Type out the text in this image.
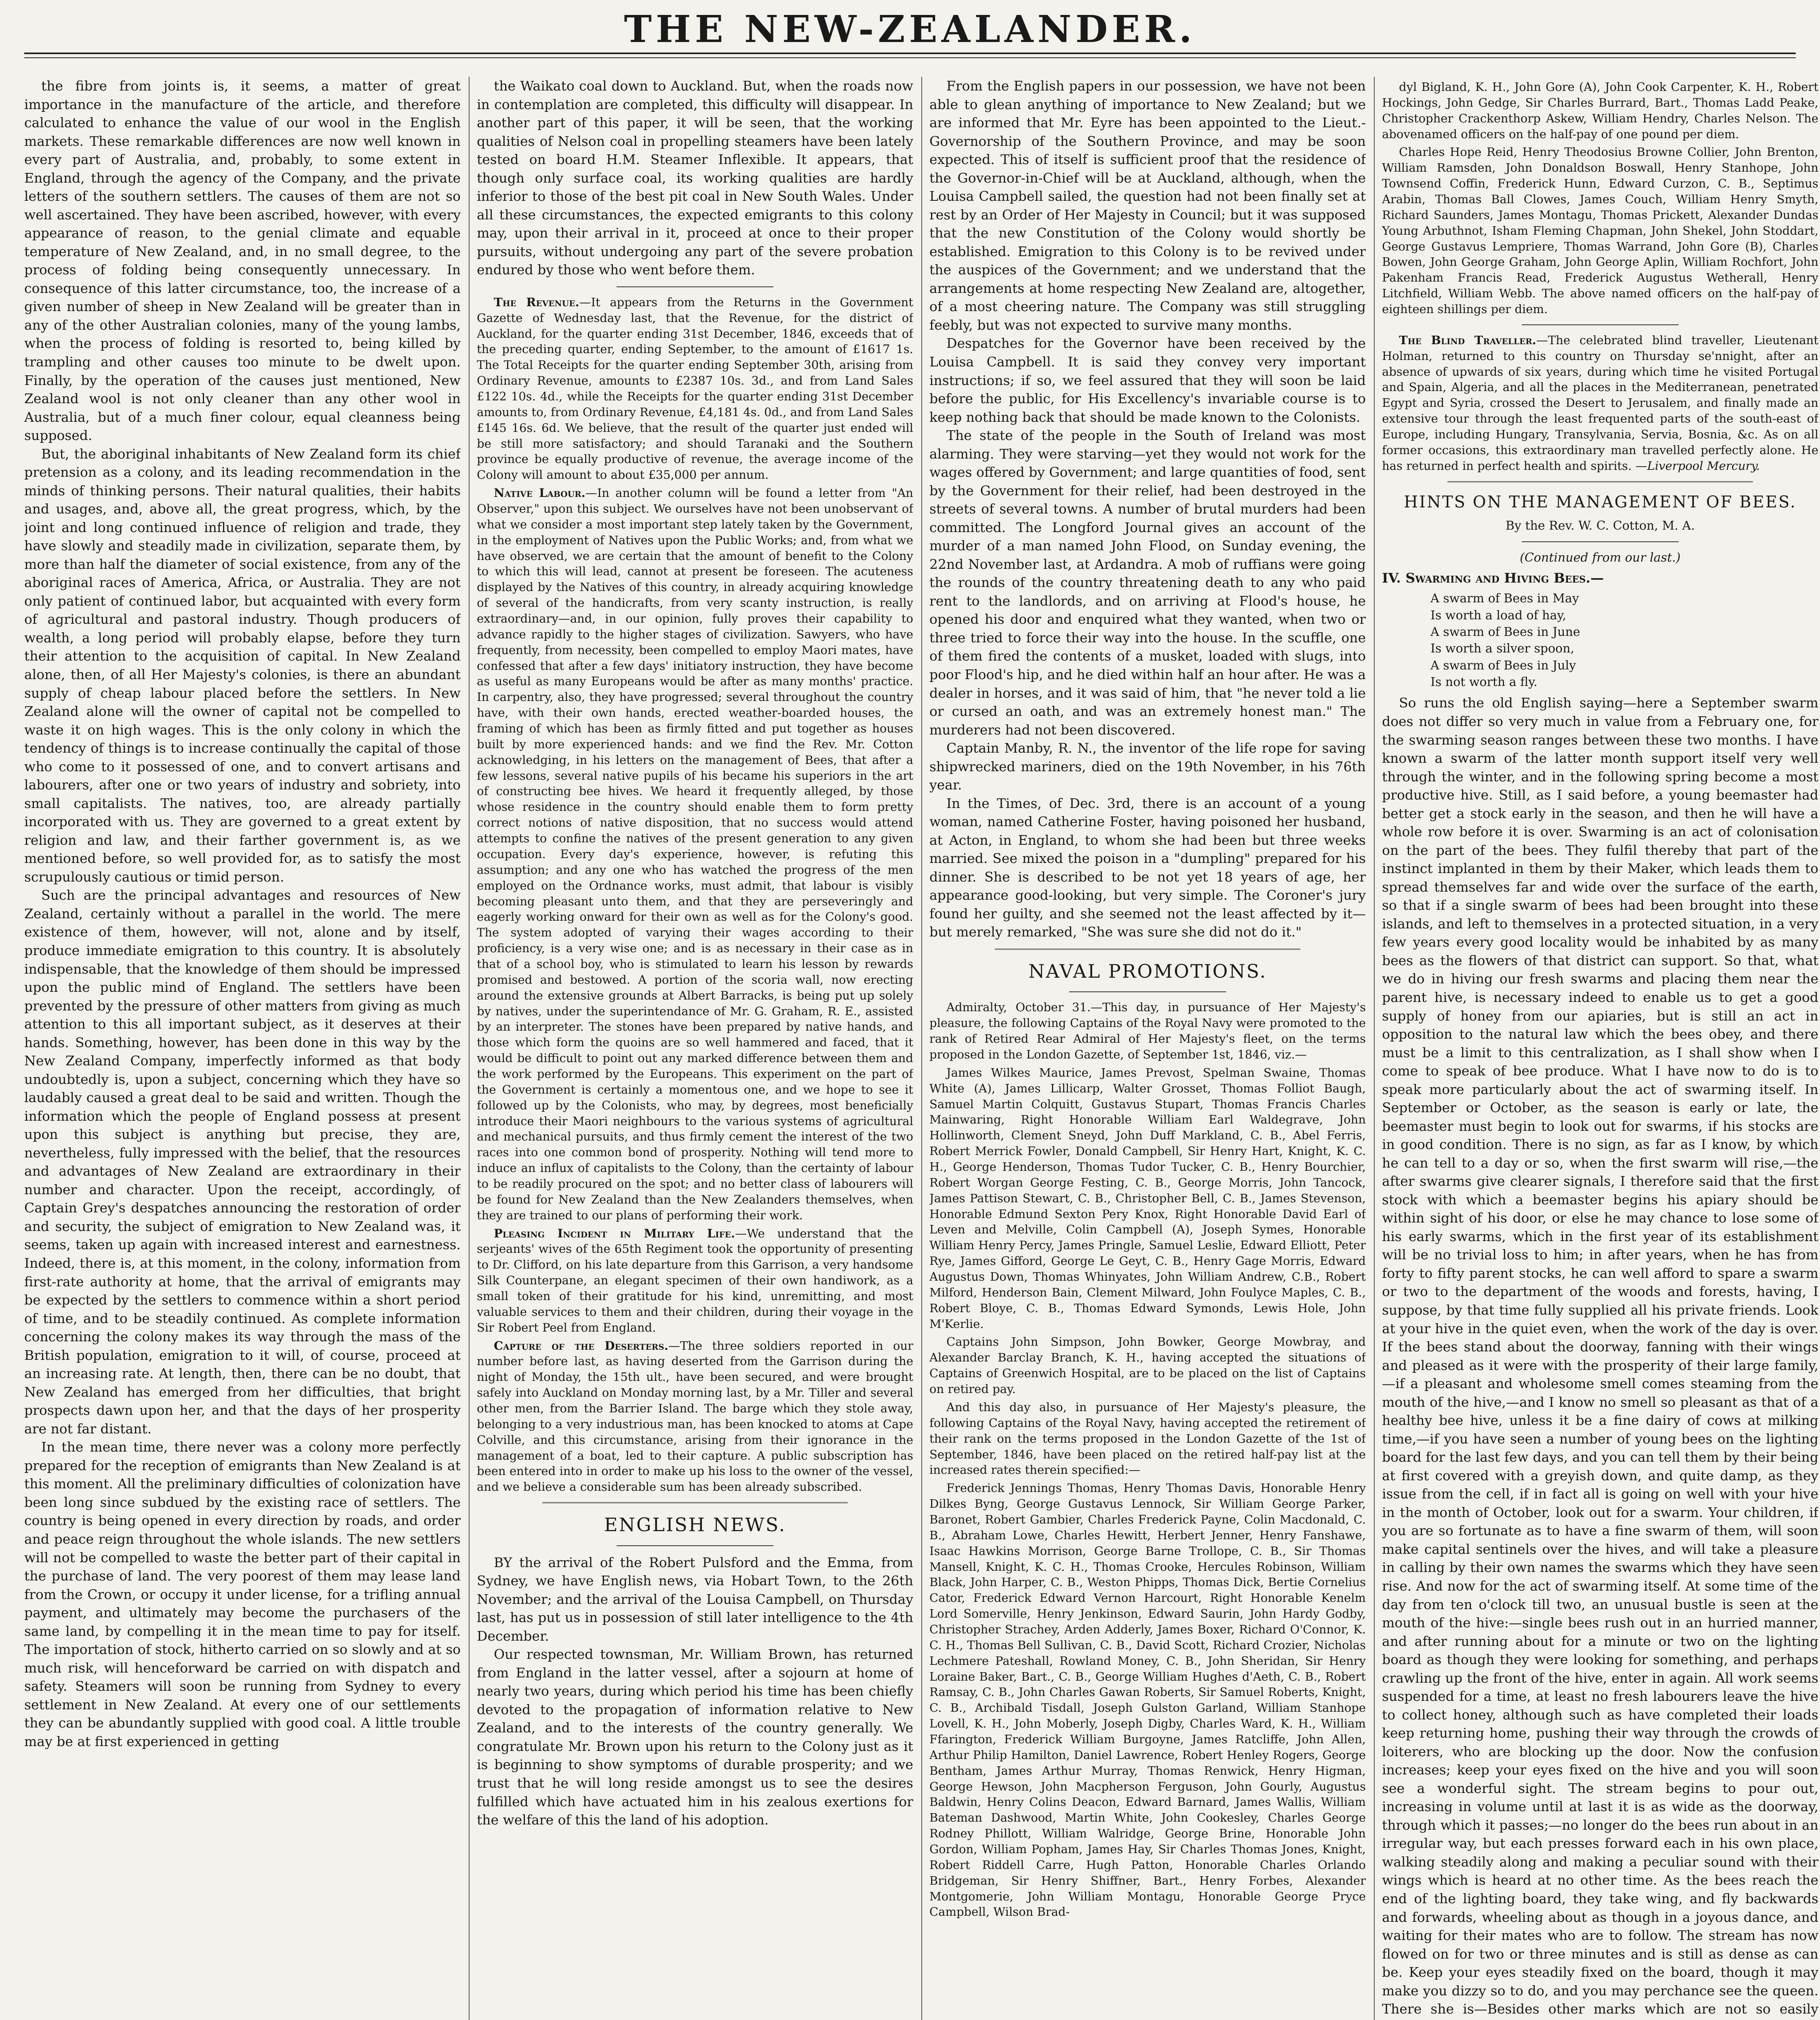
THE NEW-ZEALANDER.

the fibre from joints is, it seems, a matter of great importance in the manufacture of the article, and therefore calculated to enhance the value of our wool in the English markets. These remarkable differences are now well known in every part of Australia, and, probably, to some extent in England, through the agency of the Company, and the private letters of the southern settlers. The causes of them are not so well ascertained. They have been ascribed, however, with every appearance of reason, to the genial climate and equable temperature of New Zealand, and, in no small degree, to the process of folding being consequently unnecessary. In consequence of this latter circumstance, too, the increase of a given number of sheep in New Zealand will be greater than in any of the other Australian colonies, many of the young lambs, when the process of folding is resorted to, being killed by trampling and other causes too minute to be dwelt upon. Finally, by the operation of the causes just mentioned, New Zealand wool is not only cleaner than any other wool in Australia, but of a much finer colour, equal cleanness being supposed.

But, the aboriginal inhabitants of New Zealand form its chief pretension as a colony, and its leading recommendation in the minds of thinking persons. Their natural qualities, their habits and usages, and, above all, the great progress, which, by the joint and long continued influence of religion and trade, they have slowly and steadily made in civilization, separate them, by more than half the diameter of social existence, from any of the aboriginal races of America, Africa, or Australia. They are not only patient of continued labor, but acquainted with every form of agricultural and pastoral industry. Though producers of wealth, a long period will probably elapse, before they turn their attention to the acquisition of capital. In New Zealand alone, then, of all Her Majesty's colonies, is there an abundant supply of cheap labour placed before the settlers. In New Zealand alone will the owner of capital not be compelled to waste it on high wages. This is the only colony in which the tendency of things is to increase continually the capital of those who come to it possessed of one, and to convert artisans and labourers, after one or two years of industry and sobriety, into small capitalists. The natives, too, are already partially incorporated with us. They are governed to a great extent by religion and law, and their farther government is, as we mentioned before, so well provided for, as to satisfy the most scrupulously cautious or timid person.

Such are the principal advantages and resources of New Zealand, certainly without a parallel in the world. The mere existence of them, however, will not, alone and by itself, produce immediate emigration to this country. It is absolutely indispensable, that the knowledge of them should be impressed upon the public mind of England. The settlers have been prevented by the pressure of other matters from giving as much attention to this all important subject, as it deserves at their hands. Something, however, has been done in this way by the New Zealand Company, imperfectly informed as that body undoubtedly is, upon a subject, concerning which they have so laudably caused a great deal to be said and written. Though the information which the people of England possess at present upon this subject is anything but precise, they are, nevertheless, fully impressed with the belief, that the resources and advantages of New Zealand are extraordinary in their number and character. Upon the receipt, accordingly, of Captain Grey's despatches announcing the restoration of order and security, the subject of emigration to New Zealand was, it seems, taken up again with increased interest and earnestness. Indeed, there is, at this moment, in the colony, information from first-rate authority at home, that the arrival of emigrants may be expected by the settlers to commence within a short period of time, and to be steadily continued. As complete information concerning the colony makes its way through the mass of the British population, emigration to it will, of course, proceed at an increasing rate. At length, then, there can be no doubt, that New Zealand has emerged from her difficulties, that bright prospects dawn upon her, and that the days of her prosperity are not far distant.

In the mean time, there never was a colony more perfectly prepared for the reception of emigrants than New Zealand is at this moment. All the preliminary difficulties of colonization have been long since subdued by the existing race of settlers. The country is being opened in every direction by roads, and order and peace reign throughout the whole islands. The new settlers will not be compelled to waste the better part of their capital in the purchase of land. The very poorest of them may lease land from the Crown, or occupy it under license, for a trifling annual payment, and ultimately may become the purchasers of the same land, by compelling it in the mean time to pay for itself. The importation of stock, hitherto carried on so slowly and at so much risk, will henceforward be carried on with dispatch and safety. Steamers will soon be running from Sydney to every settlement in New Zealand. At every one of our settlements they can be abundantly supplied with good coal. A little trouble may be at first experienced in getting

the Waikato coal down to Auckland. But, when the roads now in contemplation are completed, this difficulty will disappear. In another part of this paper, it will be seen, that the working qualities of Nelson coal in propelling steamers have been lately tested on board H.M. Steamer Inflexible. It appears, that though only surface coal, its working qualities are hardly inferior to those of the best pit coal in New South Wales. Under all these circumstances, the expected emigrants to this colony may, upon their arrival in it, proceed at once to their proper pursuits, without undergoing any part of the severe probation endured by those who went before them.

The Revenue.—It appears from the Returns in the Government Gazette of Wednesday last, that the Revenue, for the district of Auckland, for the quarter ending 31st December, 1846, exceeds that of the preceding quarter, ending September, to the amount of £1617 1s. The Total Receipts for the quarter ending September 30th, arising from Ordinary Revenue, amounts to £2387 10s. 3d., and from Land Sales £122 10s. 4d., while the Receipts for the quarter ending 31st December amounts to, from Ordinary Revenue, £4,181 4s. 0d., and from Land Sales £145 16s. 6d. We believe, that the result of the quarter just ended will be still more satisfactory; and should Taranaki and the Southern province be equally productive of revenue, the average income of the Colony will amount to about £35,000 per annum.

Native Labour.—In another column will be found a letter from "An Observer," upon this subject. We ourselves have not been unobservant of what we consider a most important step lately taken by the Government, in the employment of Natives upon the Public Works; and, from what we have observed, we are certain that the amount of benefit to the Colony to which this will lead, cannot at present be foreseen. The acuteness displayed by the Natives of this country, in already acquiring knowledge of several of the handicrafts, from very scanty instruction, is really extraordinary—and, in our opinion, fully proves their capability to advance rapidly to the higher stages of civilization. Sawyers, who have frequently, from necessity, been compelled to employ Maori mates, have confessed that after a few days' initiatory instruction, they have become as useful as many Europeans would be after as many months' practice. In carpentry, also, they have progressed; several throughout the country have, with their own hands, erected weather-boarded houses, the framing of which has been as firmly fitted and put together as houses built by more experienced hands: and we find the Rev. Mr. Cotton acknowledging, in his letters on the management of Bees, that after a few lessons, several native pupils of his became his superiors in the art of constructing bee hives. We heard it frequently alleged, by those whose residence in the country should enable them to form pretty correct notions of native disposition, that no success would attend attempts to confine the natives of the present generation to any given occupation. Every day's experience, however, is refuting this assumption; and any one who has watched the progress of the men employed on the Ordnance works, must admit, that labour is visibly becoming pleasant unto them, and that they are perseveringly and eagerly working onward for their own as well as for the Colony's good. The system adopted of varying their wages according to their proficiency, is a very wise one; and is as necessary in their case as in that of a school boy, who is stimulated to learn his lesson by rewards promised and bestowed. A portion of the scoria wall, now erecting around the extensive grounds at Albert Barracks, is being put up solely by natives, under the superintendance of Mr. G. Graham, R. E., assisted by an interpreter. The stones have been prepared by native hands, and those which form the quoins are so well hammered and faced, that it would be difficult to point out any marked difference between them and the work performed by the Europeans. This experiment on the part of the Government is certainly a momentous one, and we hope to see it followed up by the Colonists, who may, by degrees, most beneficially introduce their Maori neighbours to the various systems of agricultural and mechanical pursuits, and thus firmly cement the interest of the two races into one common bond of prosperity. Nothing will tend more to induce an influx of capitalists to the Colony, than the certainty of labour to be readily procured on the spot; and no better class of labourers will be found for New Zealand than the New Zealanders themselves, when they are trained to our plans of performing their work.

Pleasing Incident in Military Life.—We understand that the serjeants' wives of the 65th Regiment took the opportunity of presenting to Dr. Clifford, on his late departure from this Garrison, a very handsome Silk Counterpane, an elegant specimen of their own handiwork, as a small token of their gratitude for his kind, unremitting, and most valuable services to them and their children, during their voyage in the Sir Robert Peel from England.

Capture of the Deserters.—The three soldiers reported in our number before last, as having deserted from the Garrison during the night of Monday, the 15th ult., have been secured, and were brought safely into Auckland on Monday morning last, by a Mr. Tiller and several other men, from the Barrier Island. The barge which they stole away, belonging to a very industrious man, has been knocked to atoms at Cape Colville, and this circumstance, arising from their ignorance in the management of a boat, led to their capture. A public subscription has been entered into in order to make up his loss to the owner of the vessel, and we believe a considerable sum has been already subscribed.

ENGLISH NEWS.

BY the arrival of the Robert Pulsford and the Emma, from Sydney, we have English news, via Hobart Town, to the 26th November; and the arrival of the Louisa Campbell, on Thursday last, has put us in possession of still later intelligence to the 4th December.

Our respected townsman, Mr. William Brown, has returned from England in the latter vessel, after a sojourn at home of nearly two years, during which period his time has been chiefly devoted to the propagation of information relative to New Zealand, and to the interests of the country generally. We congratulate Mr. Brown upon his return to the Colony just as it is beginning to show symptoms of durable prosperity; and we trust that he will long reside amongst us to see the desires fulfilled which have actuated him in his zealous exertions for the welfare of this the land of his adoption.

From the English papers in our possession, we have not been able to glean anything of importance to New Zealand; but we are informed that Mr. Eyre has been appointed to the Lieut.-Governorship of the Southern Province, and may be soon expected. This of itself is sufficient proof that the residence of the Governor-in-Chief will be at Auckland, although, when the Louisa Campbell sailed, the question had not been finally set at rest by an Order of Her Majesty in Council; but it was supposed that the new Constitution of the Colony would shortly be established. Emigration to this Colony is to be revived under the auspices of the Government; and we understand that the arrangements at home respecting New Zealand are, altogether, of a most cheering nature. The Company was still struggling feebly, but was not expected to survive many months.

Despatches for the Governor have been received by the Louisa Campbell. It is said they convey very important instructions; if so, we feel assured that they will soon be laid before the public, for His Excellency's invariable course is to keep nothing back that should be made known to the Colonists.

The state of the people in the South of Ireland was most alarming. They were starving—yet they would not work for the wages offered by Government; and large quantities of food, sent by the Government for their relief, had been destroyed in the streets of several towns. A number of brutal murders had been committed. The Longford Journal gives an account of the murder of a man named John Flood, on Sunday evening, the 22nd November last, at Ardandra. A mob of ruffians were going the rounds of the country threatening death to any who paid rent to the landlords, and on arriving at Flood's house, he opened his door and enquired what they wanted, when two or three tried to force their way into the house. In the scuffle, one of them fired the contents of a musket, loaded with slugs, into poor Flood's hip, and he died within half an hour after. He was a dealer in horses, and it was said of him, that "he never told a lie or cursed an oath, and was an extremely honest man." The murderers had not been discovered.

Captain Manby, R. N., the inventor of the life rope for saving shipwrecked mariners, died on the 19th November, in his 76th year.

In the Times, of Dec. 3rd, there is an account of a young woman, named Catherine Foster, having poisoned her husband, at Acton, in England, to whom she had been but three weeks married. See mixed the poison in a "dumpling" prepared for his dinner. She is described to be not yet 18 years of age, her appearance good-looking, but very simple. The Coroner's jury found her guilty, and she seemed not the least affected by it—but merely remarked, "She was sure she did not do it."

NAVAL PROMOTIONS.

Admiralty, October 31.—This day, in pursuance of Her Majesty's pleasure, the following Captains of the Royal Navy were promoted to the rank of Retired Rear Admiral of Her Majesty's fleet, on the terms proposed in the London Gazette, of September 1st, 1846, viz.—

James Wilkes Maurice, James Prevost, Spelman Swaine, Thomas White (A), James Lillicarp, Walter Grosset, Thomas Folliot Baugh, Samuel Martin Colquitt, Gustavus Stupart, Thomas Francis Charles Mainwaring, Right Honorable William Earl Waldegrave, John Hollinworth, Clement Sneyd, John Duff Markland, C. B., Abel Ferris, Robert Merrick Fowler, Donald Campbell, Sir Henry Hart, Knight, K. C. H., George Henderson, Thomas Tudor Tucker, C. B., Henry Bourchier, Robert Worgan George Festing, C. B., George Morris, John Tancock, James Pattison Stewart, C. B., Christopher Bell, C. B., James Stevenson, Honorable Edmund Sexton Pery Knox, Right Honorable David Earl of Leven and Melville, Colin Campbell (A), Joseph Symes, Honorable William Henry Percy, James Pringle, Samuel Leslie, Edward Elliott, Peter Rye, James Gifford, George Le Geyt, C. B., Henry Gage Morris, Edward Augustus Down, Thomas Whinyates, John William Andrew, C.B., Robert Milford, Henderson Bain, Clement Milward, John Foulyce Maples, C. B., Robert Bloye, C. B., Thomas Edward Symonds, Lewis Hole, John M'Kerlie.

Captains John Simpson, John Bowker, George Mowbray, and Alexander Barclay Branch, K. H., having accepted the situations of Captains of Greenwich Hospital, are to be placed on the list of Captains on retired pay.

And this day also, in pursuance of Her Majesty's pleasure, the following Captains of the Royal Navy, having accepted the retirement of their rank on the terms proposed in the London Gazette of the 1st of September, 1846, have been placed on the retired half-pay list at the increased rates therein specified:—

Frederick Jennings Thomas, Henry Thomas Davis, Honorable Henry Dilkes Byng, George Gustavus Lennock, Sir William George Parker, Baronet, Robert Gambier, Charles Frederick Payne, Colin Macdonald, C. B., Abraham Lowe, Charles Hewitt, Herbert Jenner, Henry Fanshawe, Isaac Hawkins Morrison, George Barne Trollope, C. B., Sir Thomas Mansell, Knight, K. C. H., Thomas Crooke, Hercules Robinson, William Black, John Harper, C. B., Weston Phipps, Thomas Dick, Bertie Cornelius Cator, Frederick Edward Vernon Harcourt, Right Honorable Kenelm Lord Somerville, Henry Jenkinson, Edward Saurin, John Hardy Godby, Christopher Strachey, Arden Adderly, James Boxer, Richard O'Connor, K. C. H., Thomas Bell Sullivan, C. B., David Scott, Richard Crozier, Nicholas Lechmere Pateshall, Rowland Money, C. B., John Sheridan, Sir Henry Loraine Baker, Bart., C. B., George William Hughes d'Aeth, C. B., Robert Ramsay, C. B., John Charles Gawan Roberts, Sir Samuel Roberts, Knight, C. B., Archibald Tisdall, Joseph Gulston Garland, William Stanhope Lovell, K. H., John Moberly, Joseph Digby, Charles Ward, K. H., William Ffarington, Frederick William Burgoyne, James Ratcliffe, John Allen, Arthur Philip Hamilton, Daniel Lawrence, Robert Henley Rogers, George Bentham, James Arthur Murray, Thomas Renwick, Henry Higman, George Hewson, John Macpherson Ferguson, John Gourly, Augustus Baldwin, Henry Colins Deacon, Edward Barnard, James Wallis, William Bateman Dashwood, Martin White, John Cookesley, Charles George Rodney Phillott, William Walridge, George Brine, Honorable John Gordon, William Popham, James Hay, Sir Charles Thomas Jones, Knight, Robert Riddell Carre, Hugh Patton, Honorable Charles Orlando Bridgeman, Sir Henry Shiffner, Bart., Henry Forbes, Alexander Montgomerie, John William Montagu, Honorable George Pryce Campbell, Wilson Brad-

dyl Bigland, K. H., John Gore (A), John Cook Carpenter, K. H., Robert Hockings, John Gedge, Sir Charles Burrard, Bart., Thomas Ladd Peake, Christopher Crackenthorp Askew, William Hendry, Charles Nelson. The abovenamed officers on the half-pay of one pound per diem.

Charles Hope Reid, Henry Theodosius Browne Collier, John Brenton, William Ramsden, John Donaldson Boswall, Henry Stanhope, John Townsend Coffin, Frederick Hunn, Edward Curzon, C. B., Septimus Arabin, Thomas Ball Clowes, James Couch, William Henry Smyth, Richard Saunders, James Montagu, Thomas Prickett, Alexander Dundas Young Arbuthnot, Isham Fleming Chapman, John Shekel, John Stoddart, George Gustavus Lempriere, Thomas Warrand, John Gore (B), Charles Bowen, John George Graham, John George Aplin, William Rochfort, John Pakenham Francis Read, Frederick Augustus Wetherall, Henry Litchfield, William Webb. The above named officers on the half-pay of eighteen shillings per diem.

The Blind Traveller.—The celebrated blind traveller, Lieutenant Holman, returned to this country on Thursday se'nnight, after an absence of upwards of six years, during which time he visited Portugal and Spain, Algeria, and all the places in the Mediterranean, penetrated Egypt and Syria, crossed the Desert to Jerusalem, and finally made an extensive tour through the least frequented parts of the south-east of Europe, including Hungary, Transylvania, Servia, Bosnia, &c. As on all former occasions, this extraordinary man travelled perfectly alone. He has returned in perfect health and spirits. —Liverpool Mercury.

HINTS ON THE MANAGEMENT OF BEES.
By the Rev. W. C. Cotton, M. A.
(Continued from our last.)

IV. Swarming and Hiving Bees.—

A swarm of Bees in May
Is worth a load of hay,
A swarm of Bees in June
Is worth a silver spoon,
A swarm of Bees in July
Is not worth a fly.

So runs the old English saying—here a September swarm does not differ so very much in value from a February one, for the swarming season ranges between these two months. I have known a swarm of the latter month support itself very well through the winter, and in the following spring become a most productive hive. Still, as I said before, a young beemaster had better get a stock early in the season, and then he will have a whole row before it is over. Swarming is an act of colonisation on the part of the bees. They fulfil thereby that part of the instinct implanted in them by their Maker, which leads them to spread themselves far and wide over the surface of the earth, so that if a single swarm of bees had been brought into these islands, and left to themselves in a protected situation, in a very few years every good locality would be inhabited by as many bees as the flowers of that district can support. So that, what we do in hiving our fresh swarms and placing them near the parent hive, is necessary indeed to enable us to get a good supply of honey from our apiaries, but is still an act in opposition to the natural law which the bees obey, and there must be a limit to this centralization, as I shall show when I come to speak of bee produce. What I have now to do is to speak more particularly about the act of swarming itself. In September or October, as the season is early or late, the beemaster must begin to look out for swarms, if his stocks are in good condition. There is no sign, as far as I know, by which he can tell to a day or so, when the first swarm will rise,—the after swarms give clearer signals, I therefore said that the first stock with which a beemaster begins his apiary should be within sight of his door, or else he may chance to lose some of his early swarms, which in the first year of its establishment will be no trivial loss to him; in after years, when he has from forty to fifty parent stocks, he can well afford to spare a swarm or two to the department of the woods and forests, having, I suppose, by that time fully supplied all his private friends. Look at your hive in the quiet even, when the work of the day is over. If the bees stand about the doorway, fanning with their wings and pleased as it were with the prosperity of their large family,—if a pleasant and wholesome smell comes steaming from the mouth of the hive,—and I know no smell so pleasant as that of a healthy bee hive, unless it be a fine dairy of cows at milking time,—if you have seen a number of young bees on the lighting board for the last few days, and you can tell them by their being at first covered with a greyish down, and quite damp, as they issue from the cell, if in fact all is going on well with your hive in the month of October, look out for a swarm. Your children, if you are so fortunate as to have a fine swarm of them, will soon make capital sentinels over the hives, and will take a pleasure in calling by their own names the swarms which they have seen rise. And now for the act of swarming itself. At some time of the day from ten o'clock till two, an unusual bustle is seen at the mouth of the hive:—single bees rush out in an hurried manner, and after running about for a minute or two on the lighting board as though they were looking for something, and perhaps crawling up the front of the hive, enter in again. All work seems suspended for a time, at least no fresh labourers leave the hive to collect honey, although such as have completed their loads keep returning home, pushing their way through the crowds of loiterers, who are blocking up the door. Now the confusion increases; keep your eyes fixed on the hive and you will soon see a wonderful sight. The stream begins to pour out, increasing in volume until at last it is as wide as the doorway, through which it passes;—no longer do the bees run about in an irregular way, but each presses forward each in his own place, walking steadily along and making a peculiar sound with their wings which is heard at no other time. As the bees reach the end of the lighting board, they take wing, and fly backwards and forwards, wheeling about as though in a joyous dance, and waiting for their mates who are to follow. The stream has now flowed on for two or three minutes and is still as dense as can be. Keep your eyes steadily fixed on the board, though it may make you dizzy so to do, and you may perchance see the queen. There she is—Besides other marks which are not so easily
